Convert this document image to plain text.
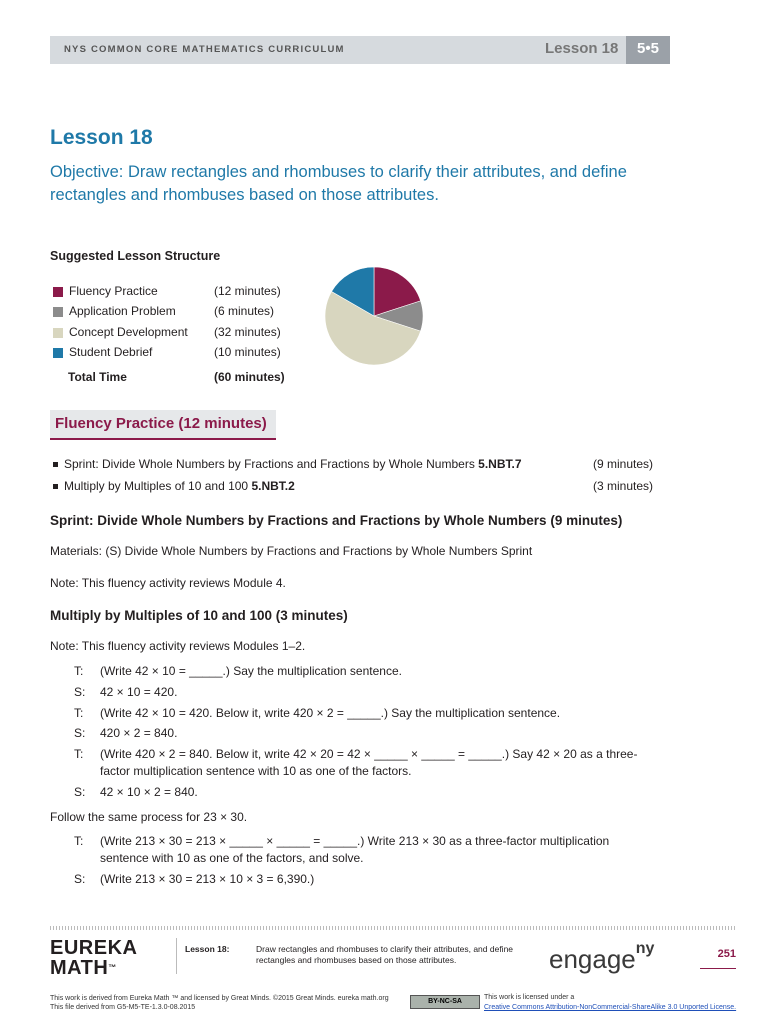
NYS COMMON CORE MATHEMATICS CURRICULUM	Lesson 18	5•5
Lesson 18
Objective: Draw rectangles and rhombuses to clarify their attributes, and define rectangles and rhombuses based on those attributes.
Suggested Lesson Structure
Fluency Practice	(12 minutes)
Application Problem	(6 minutes)
Concept Development (32 minutes)
Student Debrief	(10 minutes)
Total Time	(60 minutes)
Fluency Practice (12 minutes)
Sprint: Divide Whole Numbers by Fractions and Fractions by Whole Numbers 5.NBT.7	(9 minutes)
Multiply by Multiples of 10 and 100 5.NBT.2	(3 minutes)
Sprint: Divide Whole Numbers by Fractions and Fractions by Whole Numbers (9 minutes)
Materials: (S) Divide Whole Numbers by Fractions and Fractions by Whole Numbers Sprint
Note: This fluency activity reviews Module 4.
Multiply by Multiples of 10 and 100 (3 minutes)
Note: This fluency activity reviews Modules 1–2.
T: (Write 42 × 10 = _____.) Say the multiplication sentence.
S: 42 × 10 = 420.
T: (Write 42 × 10 = 420. Below it, write 420 × 2 = _____.) Say the multiplication sentence.
S: 420 × 2 = 840.
T: (Write 420 × 2 = 840. Below it, write 42 × 20 = 42 × _____ × _____ = _____.) Say 42 × 20 as a three-
factor multiplication sentence with 10 as one of the factors.
S: 42 × 10 × 2 = 840.
Follow the same process for 23 × 30.
T: (Write 213 × 30 = 213 × _____ × _____ = _____.) Write 213 × 30 as a three-factor multiplication
sentence with 10 as one of the factors, and solve.
S: (Write 213 × 30 = 213 × 10 × 3 = 6,390.)
EUREKA
MATH™
Lesson 18:	Draw rectangles and rhombuses to clarify their attributes, and define rectangles and rhombuses based on those attributes.	engage$^{ny}$	251
This work is derived from Eureka Math ™ and licensed by Great Minds. ©2015 Great Minds. eureka math.org
This file derived from G5-M5-TE-1.3.0-08.2015
BY-NC-SA
This work is licensed under a
Creative Commons Attribution-NonCommercial-ShareAlike 3.0 Unported License.
